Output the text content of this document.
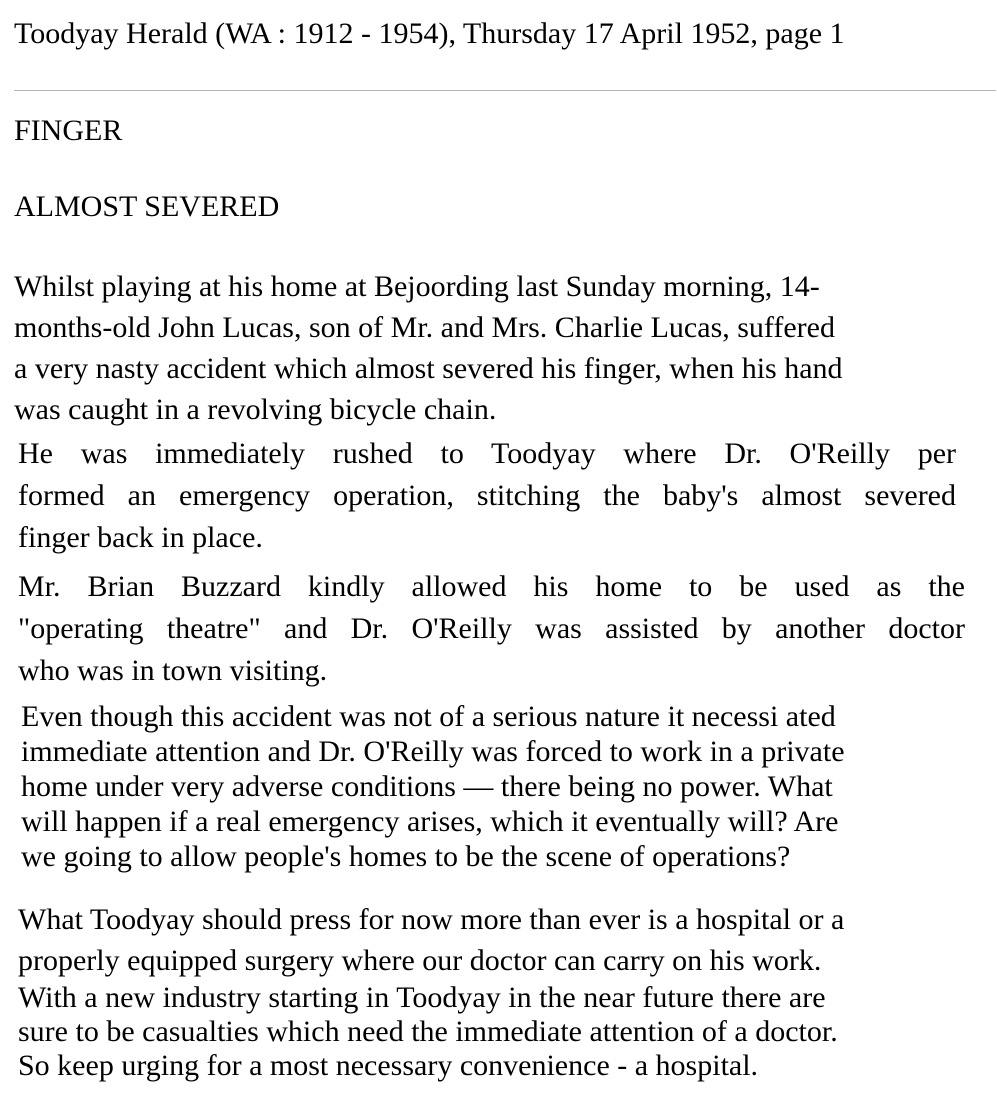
Toodyay Herald (WA : 1912 - 1954), Thursday 17 April 1952, page 1
FINGER
ALMOST SEVERED
Whilst playing at his home at Bejoording last Sunday morning, 14-
months-old John Lucas, son of Mr. and Mrs. Charlie Lucas, suffered
a very nasty accident which almost severed his finger, when his hand
was caught in a revolving bicycle chain.
He was immediately rushed to Toodyay where Dr. O'Reilly per
formed an emergency operation, stitching the baby's almost severed
finger back in place.
Mr. Brian Buzzard kindly allowed his home to be used as the
"operating theatre" and Dr. O'Reilly was assisted by another doctor
who was in town visiting.
Even though this accident was not of a serious nature it necessi ated
immediate attention and Dr. O'Reilly was forced to work in a private
home under very adverse conditions — there being no power. What
will happen if a real emergency arises, which it eventually will? Are
we going to allow people's homes to be the scene of operations?
What Toodyay should press for now more than ever is a hospital or a
properly equipped surgery where our doctor can carry on his work.
With a new industry starting in Toodyay in the near future there are
sure to be casualties which need the immediate attention of a doctor.
So keep urging for a most necessary convenience - a hospital.
